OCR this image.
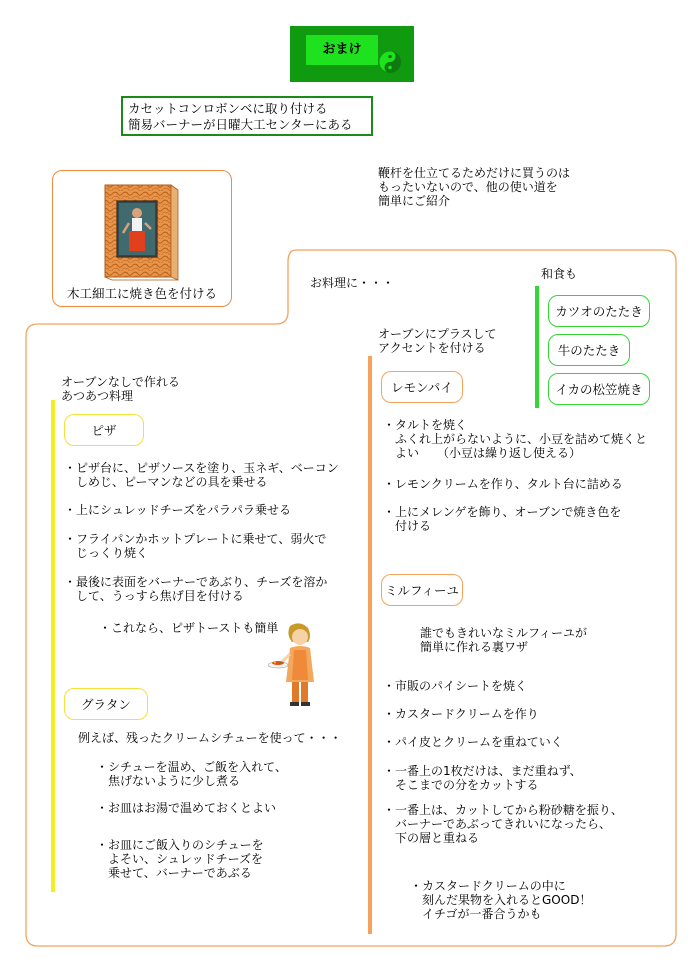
おまけ
カセットコンロボンベに取り付ける
簡易バーナーが日曜大工センターにある
鞭杆を仕立てるためだけに買うのは
もったいないので、他の使い道を
簡単にご紹介
木工細工に焼き色を付ける
お料理に・・・
和食も
カツオのたたき
牛のたたき
イカの松笠焼き
オーブンなしで作れる
あつあつ料理
ピザ
・ピザ台に、ピザソースを塗り、玉ネギ、ベーコン
　しめじ、ピーマンなどの具を乗せる
・上にシュレッドチーズをパラパラ乗せる
・フライパンかホットプレートに乗せて、弱火で
　じっくり焼く
・最後に表面をバーナーであぶり、チーズを溶か
　して、うっすら焦げ目を付ける
・これなら、ピザトーストも簡単
グラタン
例えば、残ったクリームシチューを使って・・・
・シチューを温め、ご飯を入れて、
　焦げないように少し煮る
・お皿はお湯で温めておくとよい
・お皿にご飯入りのシチューを
　よそい、シュレッドチーズを
　乗せて、バーナーであぶる
オーブンにプラスして
アクセントを付ける
レモンパイ
・タルトを焼く
　ふくれ上がらないように、小豆を詰めて焼くと
　よい　　（小豆は繰り返し使える）
・レモンクリームを作り、タルト台に詰める
・上にメレンゲを飾り、オーブンで焼き色を
　付ける
ミルフィーユ
誰でもきれいなミルフィーユが
簡単に作れる裏ワザ
・市販のパイシートを焼く
・カスタードクリームを作り
・パイ皮とクリームを重ねていく
・一番上の1枚だけは、まだ重ねず、
　そこまでの分をカットする
・一番上は、カットしてから粉砂糖を振り、
　バーナーであぶってきれいになったら、
　下の層と重ねる
・カスタードクリームの中に
　刻んだ果物を入れるとGOOD！
　イチゴが一番合うかも
